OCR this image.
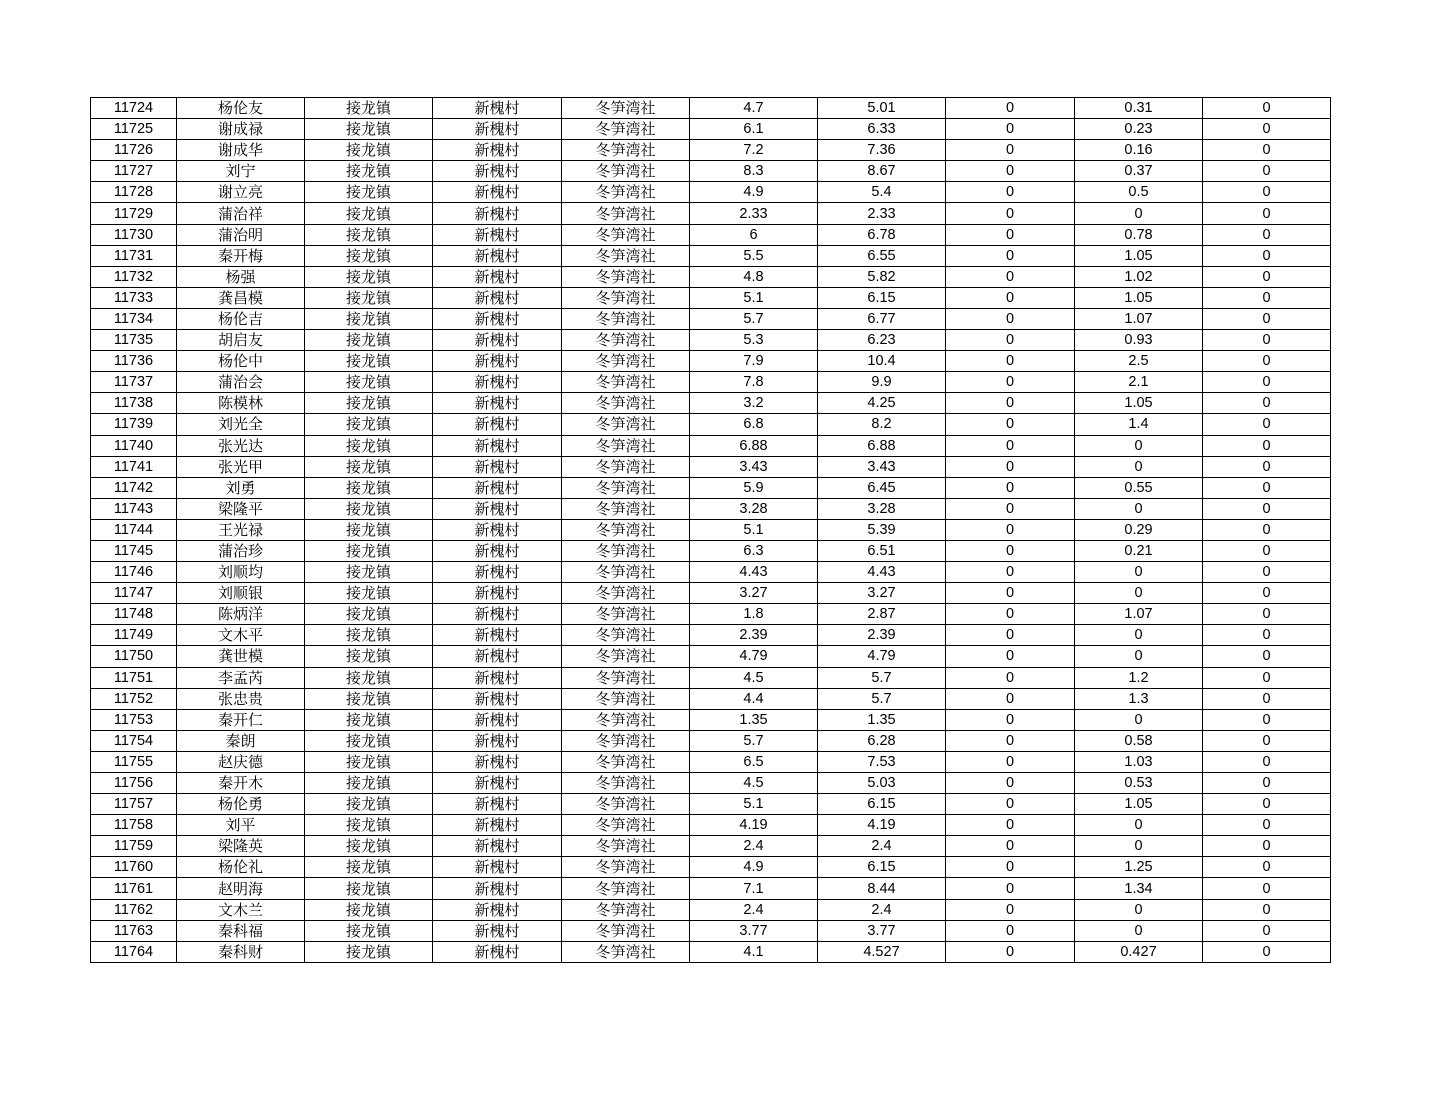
11724	杨伦友	接龙镇	新槐村	冬笋湾社	4.7	5.01	0	0.31	0
11725	谢成禄	接龙镇	新槐村	冬笋湾社	6.1	6.33	0	0.23	0
11726	谢成华	接龙镇	新槐村	冬笋湾社	7.2	7.36	0	0.16	0
11727	刘宁	接龙镇	新槐村	冬笋湾社	8.3	8.67	0	0.37	0
11728	谢立亮	接龙镇	新槐村	冬笋湾社	4.9	5.4	0	0.5	0
11729	蒲治祥	接龙镇	新槐村	冬笋湾社	2.33	2.33	0	0	0
11730	蒲治明	接龙镇	新槐村	冬笋湾社	6	6.78	0	0.78	0
11731	秦开梅	接龙镇	新槐村	冬笋湾社	5.5	6.55	0	1.05	0
11732	杨强	接龙镇	新槐村	冬笋湾社	4.8	5.82	0	1.02	0
11733	龚昌模	接龙镇	新槐村	冬笋湾社	5.1	6.15	0	1.05	0
11734	杨伦吉	接龙镇	新槐村	冬笋湾社	5.7	6.77	0	1.07	0
11735	胡启友	接龙镇	新槐村	冬笋湾社	5.3	6.23	0	0.93	0
11736	杨伦中	接龙镇	新槐村	冬笋湾社	7.9	10.4	0	2.5	0
11737	蒲治会	接龙镇	新槐村	冬笋湾社	7.8	9.9	0	2.1	0
11738	陈模林	接龙镇	新槐村	冬笋湾社	3.2	4.25	0	1.05	0
11739	刘光全	接龙镇	新槐村	冬笋湾社	6.8	8.2	0	1.4	0
11740	张光达	接龙镇	新槐村	冬笋湾社	6.88	6.88	0	0	0
11741	张光甲	接龙镇	新槐村	冬笋湾社	3.43	3.43	0	0	0
11742	刘勇	接龙镇	新槐村	冬笋湾社	5.9	6.45	0	0.55	0
11743	梁隆平	接龙镇	新槐村	冬笋湾社	3.28	3.28	0	0	0
11744	王光禄	接龙镇	新槐村	冬笋湾社	5.1	5.39	0	0.29	0
11745	蒲治珍	接龙镇	新槐村	冬笋湾社	6.3	6.51	0	0.21	0
11746	刘顺均	接龙镇	新槐村	冬笋湾社	4.43	4.43	0	0	0
11747	刘顺银	接龙镇	新槐村	冬笋湾社	3.27	3.27	0	0	0
11748	陈炳洋	接龙镇	新槐村	冬笋湾社	1.8	2.87	0	1.07	0
11749	文木平	接龙镇	新槐村	冬笋湾社	2.39	2.39	0	0	0
11750	龚世模	接龙镇	新槐村	冬笋湾社	4.79	4.79	0	0	0
11751	李孟芮	接龙镇	新槐村	冬笋湾社	4.5	5.7	0	1.2	0
11752	张忠贵	接龙镇	新槐村	冬笋湾社	4.4	5.7	0	1.3	0
11753	秦开仁	接龙镇	新槐村	冬笋湾社	1.35	1.35	0	0	0
11754	秦朗	接龙镇	新槐村	冬笋湾社	5.7	6.28	0	0.58	0
11755	赵庆德	接龙镇	新槐村	冬笋湾社	6.5	7.53	0	1.03	0
11756	秦开木	接龙镇	新槐村	冬笋湾社	4.5	5.03	0	0.53	0
11757	杨伦勇	接龙镇	新槐村	冬笋湾社	5.1	6.15	0	1.05	0
11758	刘平	接龙镇	新槐村	冬笋湾社	4.19	4.19	0	0	0
11759	梁隆英	接龙镇	新槐村	冬笋湾社	2.4	2.4	0	0	0
11760	杨伦礼	接龙镇	新槐村	冬笋湾社	4.9	6.15	0	1.25	0
11761	赵明海	接龙镇	新槐村	冬笋湾社	7.1	8.44	0	1.34	0
11762	文木兰	接龙镇	新槐村	冬笋湾社	2.4	2.4	0	0	0
11763	秦科福	接龙镇	新槐村	冬笋湾社	3.77	3.77	0	0	0
11764	秦科财	接龙镇	新槐村	冬笋湾社	4.1	4.527	0	0.427	0
